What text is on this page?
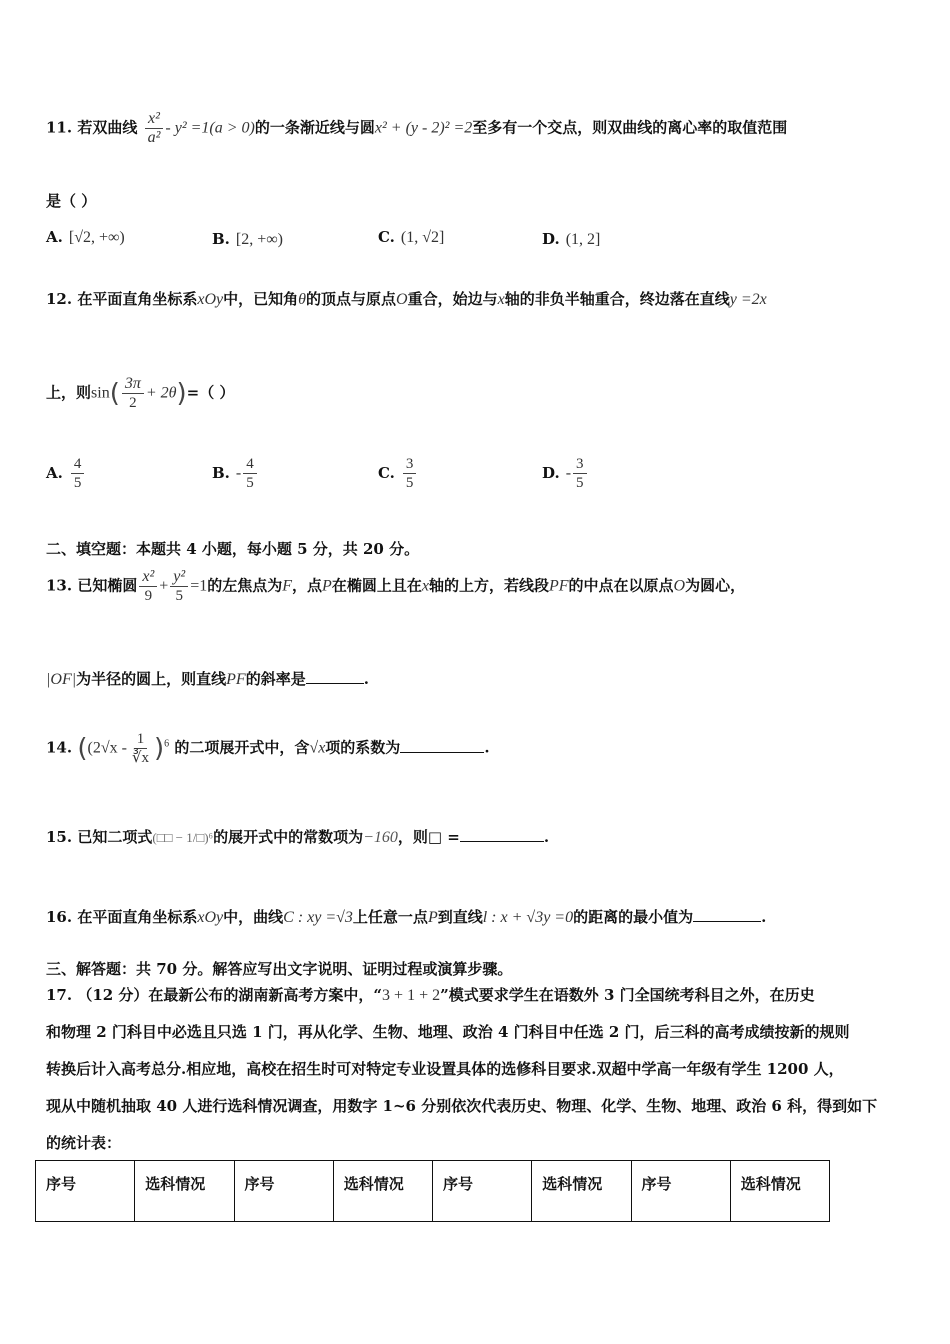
11. 若双曲线 $\frac{\text{x²}}{\text{a²}} - y^2 =1(a > 0)$的一条渐近线与圆x² + (y - 2)² =2至多有一个交点，则双曲线的离心率的取值范围
是（ ）
A. [√2, +∞)	B. [2, +∞)	C. (1, √2]	D. (1, 2]
12. 在平面直角坐标系xOy中，已知角θ的顶点与原点O重合，始边与x轴的非负半轴重合，终边落在直线y =2x
上，则$\sin( \frac{3\pi}{2} + 2\theta)=$（ ）
A. $\frac{4}{5}$	B. - $\frac{4}{5}$	C. $\frac{3}{5}$	D. - $\frac{3}{5}$
二、填空题：本题共 4 小题，每小题 5 分，共 20 分。
13. 已知椭圆 $\frac{\text{x²}}{9} + \frac{\text{y²}}{5} =1$的左焦点为F，点P在椭圆上且在x轴的上方，若线段PF的中点在以原点O为圆心，
|OF|为半径的圆上，则直线PF的斜率是	.
14. ($(2√x - \frac{1}{∛x} )^6$ 的二项展开式中，含√x项的系数为	.
15. 已知二项式(□□ − 1/□)⁶的展开式中的常数项为−160，则□ =	.
16. 在平面直角坐标系xOy中，曲线C : xy =√3上任意一点P到直线l : x + √3y =0的距离的最小值为	.
三、解答题：共 70 分。解答应写出文字说明、证明过程或演算步骤。
17. （12 分）在最新公布的湖南新高考方案中，“3 + 1 + 2”模式要求学生在语数外 3 门全国统考科目之外，在历史
和物理 2 门科目中必选且只选 1 门，再从化学、生物、地理、政治 4 门科目中任选 2 门，后三科的高考成绩按新的规则
转换后计入高考总分.相应地，高校在招生时可对特定专业设置具体的选修科目要求.双超中学高一年级有学生 1200 人，
现从中随机抽取 40 人进行选科情况调查，用数字 1~6 分别依次代表历史、物理、化学、生物、地理、政治 6 科，得到如下
的统计表：
序号	选科情况	序号	选科情况	序号	选科情况	序号	选科情况
